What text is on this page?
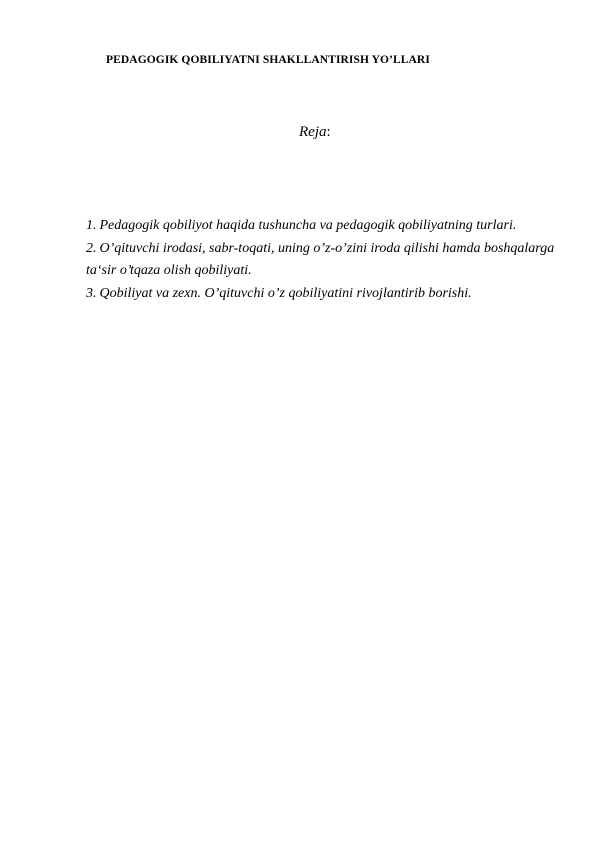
PEDAGOGIK QOBILIYATNI SHAKLLANTIRISH YO’LLARI

Reja:

1. Pedagogik qobiliyot haqida tushuncha va pedagogik qobiliyatning turlari.
2. O’qituvchi irodasi, sabr-toqati, uning o’z-o’zini iroda qilishi hamda boshqalarga ta‘sir o’tqaza olish qobiliyati.
3. Qobiliyat va zexn. O’qituvchi o’z qobiliyatini rivojlantirib borishi.
